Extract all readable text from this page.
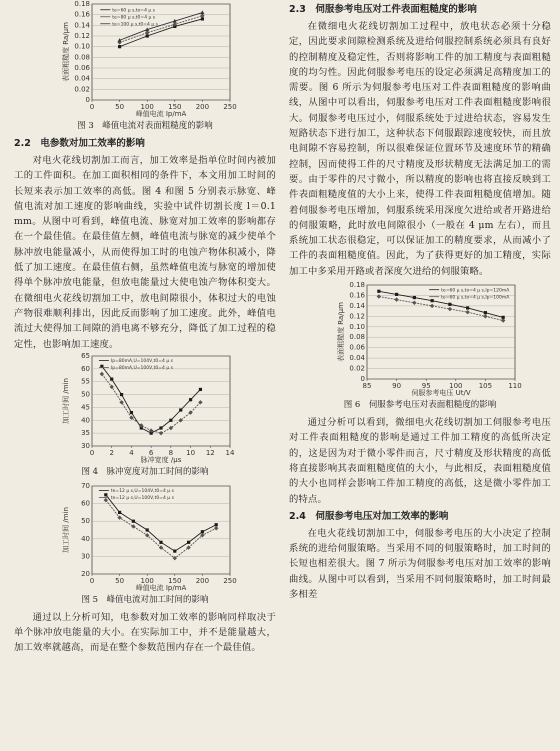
0
0.02
0.04
0.06
0.08
0.10
0.12
0.14
0.16
0.18
0	50 100 150 200 250
峰值电流 Ip/mA
表面粗糙度 Ra/μm
te=60 μ s,to=4 μ s
te=80 μ s,t0=4 μ s
te=100 μ s,t0=4 μ s
图 3　峰值电流对表面粗糙度的影响
2.2　电参数对加工效率的影响

对电火花线切割加工而言，加工效率是指单位时间内被加工的工件面积。在加工面积相同的条件下，本文用加工时间的长短来表示加工效率的高低。图 4 和图 5 分别表示脉宽、峰值电流对加工速度的影响曲线，实验中试件切割长度 l＝0.1 mm。从图中可看到，峰值电流、脉宽对加工效率的影响都存在一个最佳值。在最佳值左侧，峰值电流与脉宽的减少使单个脉冲放电能量减小，从而使得加工时的电蚀产物体积减小，降低了加工速度。在最佳值右侧，虽然峰值电流与脉宽的增加使得单个脉冲放电能量，但放电能量过大使电蚀产物体积变大。在微细电火花线切割加工中，放电间隙很小，体积过大的电蚀产物很难顺利排出，因此反而影响了加工速度。此外，峰值电流过大使得加工间隙的消电离不够充分，降低了加工过程的稳定性，也影响加工速度。

30
35
40
45
50
55
60
65
0 2 4 6 8 10 12 14
脉冲宽度 /μs
加工时间 /min
Ip=80mA,U=104V,t0=4 μ s
Ip=80mA,U=100V,t0=4 μ s
图 4　脉冲宽度对加工时间的影响
20
30
40
50
60
70
0	50 100 150 200 250
峰值电流 Ip/mA
加工时间 /min
te=12 μ s,U=104V,t0=4 μ s
te=12 μ s,U=100V,t0=4 μ s
图 5　峰值电流对加工时间的影响

通过以上分析可知，电参数对加工效率的影响同样取决于单个脉冲放电能量的大小。在实际加工中，并不是能量越大，加工效率就越高，而是在整个参数范围内存在一个最佳值。

2.3　伺服参考电压对工件表面粗糙度的影响

在微细电火花线切割加工过程中，放电状态必须十分稳定，因此要求间隙检测系统及进给伺服控制系统必须具有良好的控制精度及稳定性，否则将影响工件的加工精度与表面粗糙度的均匀性。因此伺服参考电压的设定必须满足高精度加工的需要。图 6 所示为伺服参考电压对工件表面粗糙度的影响曲线，从图中可以看出，伺服参考电压对工件表面粗糙度影响很大。伺服参考电压过小，伺服系统处于过进给状态，容易发生短路状态下进行加工，这种状态下伺服跟踪速度较快，而且放电间隙不容易控制，所以很难保证位置环节及速度环节的精确控制，因而使得工件的尺寸精度及形状精度无法满足加工的需要。由于零件的尺寸微小，所以精度的影响也将直接反映到工件表面粗糙度值的大小上来，使得工件表面粗糙度值增加。随着伺服参考电压增加，伺服系统采用深度欠进给或者开路进给的伺服策略，此时放电间隙很小（一般在 4 μm 左右），而且系统加工状态很稳定，可以保证加工的精度要求，从而减小了工件的表面粗糙度值。因此，为了获得更好的加工精度，实际加工中多采用开路或者深度欠进给的伺服策略。

0
0.02
0.04
0.06
0.08
0.10
0.12
0.14
0.16
0.18
85	90	95	100 105 110
伺服参考电压 Ut/V
表面粗糙度 Ra/μm
te=60 μ s,to=4 μ s,Ip=120mA
te=60 μ s,to=4 μ s,Ip=100mA
图 6　伺服参考电压对表面粗糙度的影响

通过分析可以看到，微细电火花线切割加工伺服参考电压对工件表面粗糙度的影响是通过工件加工精度的高低所决定的，这是因为对于微小零件而言，尺寸精度及形状精度的高低将直接影响其表面粗糙度值的大小，与此相反，表面粗糙度值的大小也同样会影响工件加工精度的高低，这是微小零件加工的特点。

2.4　伺服参考电压对加工效率的影响

在电火花线切割加工中，伺服参考电压的大小决定了控制系统的进给伺服策略。当采用不同的伺服策略时，加工时间的长短也相差很大。图 7 所示为伺服参考电压对加工效率的影响曲线。从图中可以看到，当采用不同伺服策略时，加工时间最多相差
